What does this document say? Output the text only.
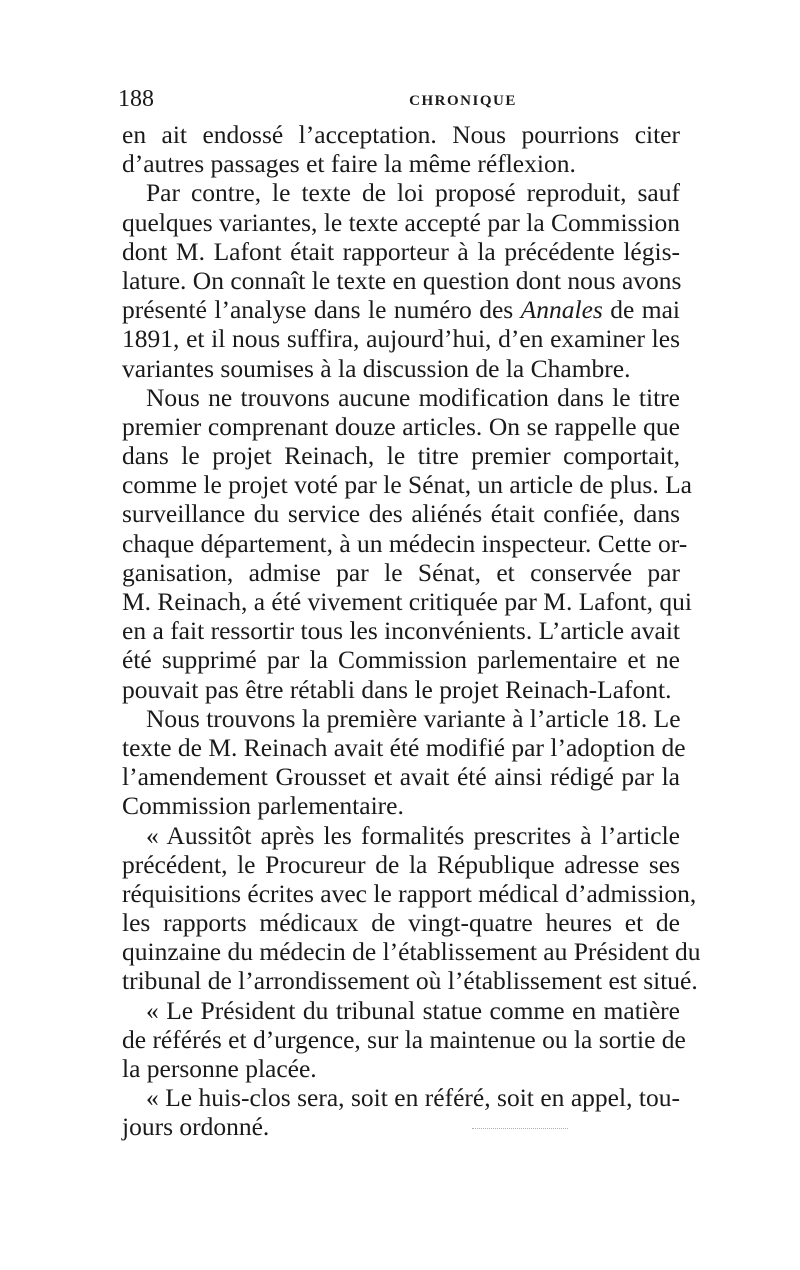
188	CHRONIQUE
en ait endossé l’acceptation. Nous pourrions citer
d’autres passages et faire la même réflexion.
Par contre, le texte de loi proposé reproduit, sauf
quelques variantes, le texte accepté par la Commission
dont M. Lafont était rapporteur à la précédente légis-
lature. On connaît le texte en question dont nous avons
présenté l’analyse dans le numéro des Annales de mai
1891, et il nous suffira, aujourd’hui, d’en examiner les
variantes soumises à la discussion de la Chambre.
Nous ne trouvons aucune modification dans le titre
premier comprenant douze articles. On se rappelle que
dans le projet Reinach, le titre premier comportait,
comme le projet voté par le Sénat, un article de plus. La
surveillance du service des aliénés était confiée, dans
chaque département, à un médecin inspecteur. Cette or-
ganisation, admise par le Sénat, et conservée par
M. Reinach, a été vivement critiquée par M. Lafont, qui
en a fait ressortir tous les inconvénients. L’article avait
été supprimé par la Commission parlementaire et ne
pouvait pas être rétabli dans le projet Reinach-Lafont.
Nous trouvons la première variante à l’article 18. Le
texte de M. Reinach avait été modifié par l’adoption de
l’amendement Grousset et avait été ainsi rédigé par la
Commission parlementaire.
« Aussitôt après les formalités prescrites à l’article
précédent, le Procureur de la République adresse ses
réquisitions écrites avec le rapport médical d’admission,
les rapports médicaux de vingt-quatre heures et de
quinzaine du médecin de l’établissement au Président du
tribunal de l’arrondissement où l’établissement est situé.
« Le Président du tribunal statue comme en matière
de référés et d’urgence, sur la maintenue ou la sortie de
la personne placée.
« Le huis-clos sera, soit en référé, soit en appel, tou-
jours ordonné.
